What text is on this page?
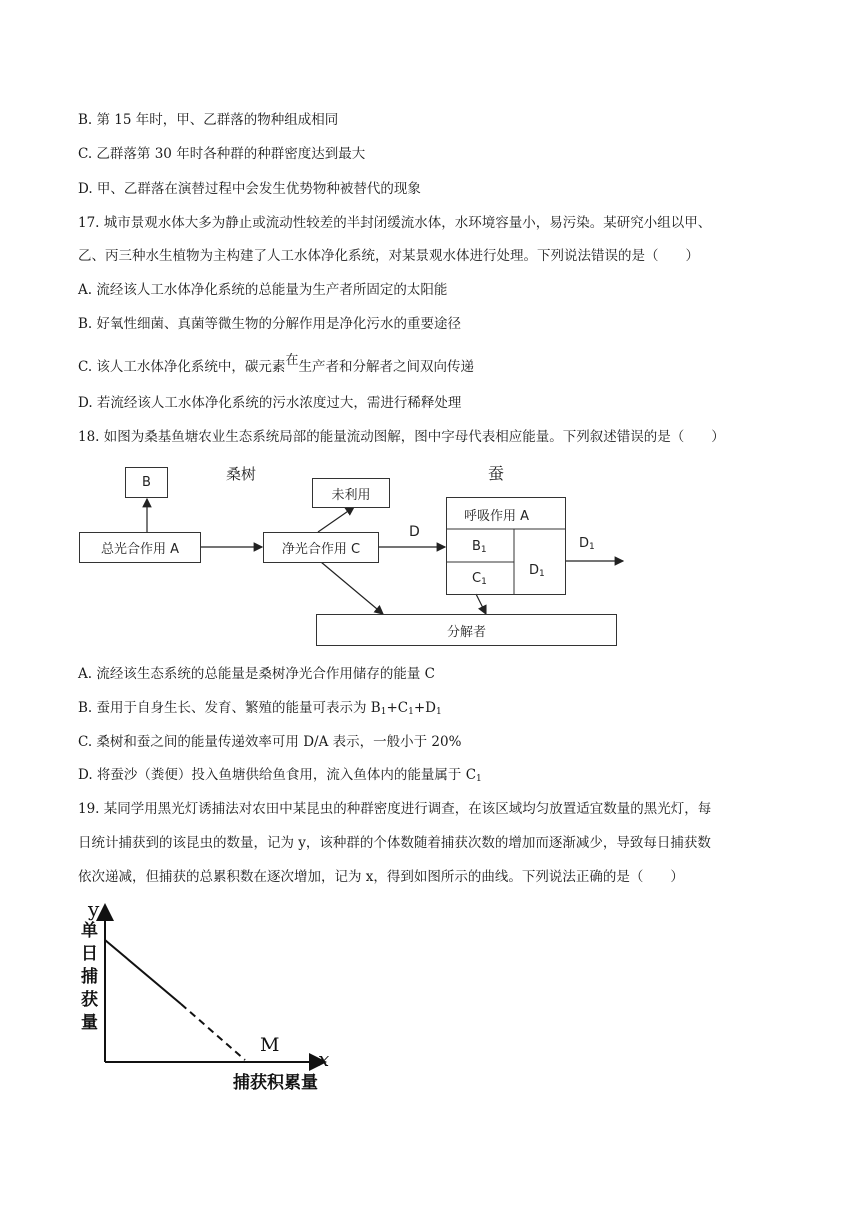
B. 第 15 年时，甲、乙群落的物种组成相同
C. 乙群落第 30 年时各种群的种群密度达到最大
D. 甲、乙群落在演替过程中会发生优势物种被替代的现象
17. 城市景观水体大多为静止或流动性较差的半封闭缓流水体，水环境容量小，易污染。某研究小组以甲、
乙、丙三种水生植物为主构建了人工水体净化系统，对某景观水体进行处理。下列说法错误的是（　　）
A. 流经该人工水体净化系统的总能量为生产者所固定的太阳能
B. 好氧性细菌、真菌等微生物的分解作用是净化污水的重要途径
C. 该人工水体净化系统中，碳元素在生产者和分解者之间双向传递
D. 若流经该人工水体净化系统的污水浓度过大，需进行稀释处理
18. 如图为桑基鱼塘农业生态系统局部的能量流动图解，图中字母代表相应能量。下列叙述错误的是（　　）
桑树	蚕
B
未利用
总光合作用 A	净光合作用 C
D
呼吸作用 A
$B_1$
$C_1$
$D_1$
$D_1$
分解者
A. 流经该生态系统的总能量是桑树净光合作用储存的能量 C
B. 蚕用于自身生长、发育、繁殖的能量可表示为 $B_1+C_1+D_1$
C. 桑树和蚕之间的能量传递效率可用 D/A 表示，一般小于 20%
D. 将蚕沙（粪便）投入鱼塘供给鱼食用，流入鱼体内的能量属于 $C_1$
19. 某同学用黑光灯诱捕法对农田中某昆虫的种群密度进行调查，在该区域均匀放置适宜数量的黑光灯，每
日统计捕获到的该昆虫的数量，记为 y，该种群的个体数随着捕获次数的增加而逐渐减少，导致每日捕获数
依次递减，但捕获的总累积数在逐次增加，记为 x，得到如图所示的曲线。下列说法正确的是（　　）
y
单日捕获量
x
捕获积累量
M
